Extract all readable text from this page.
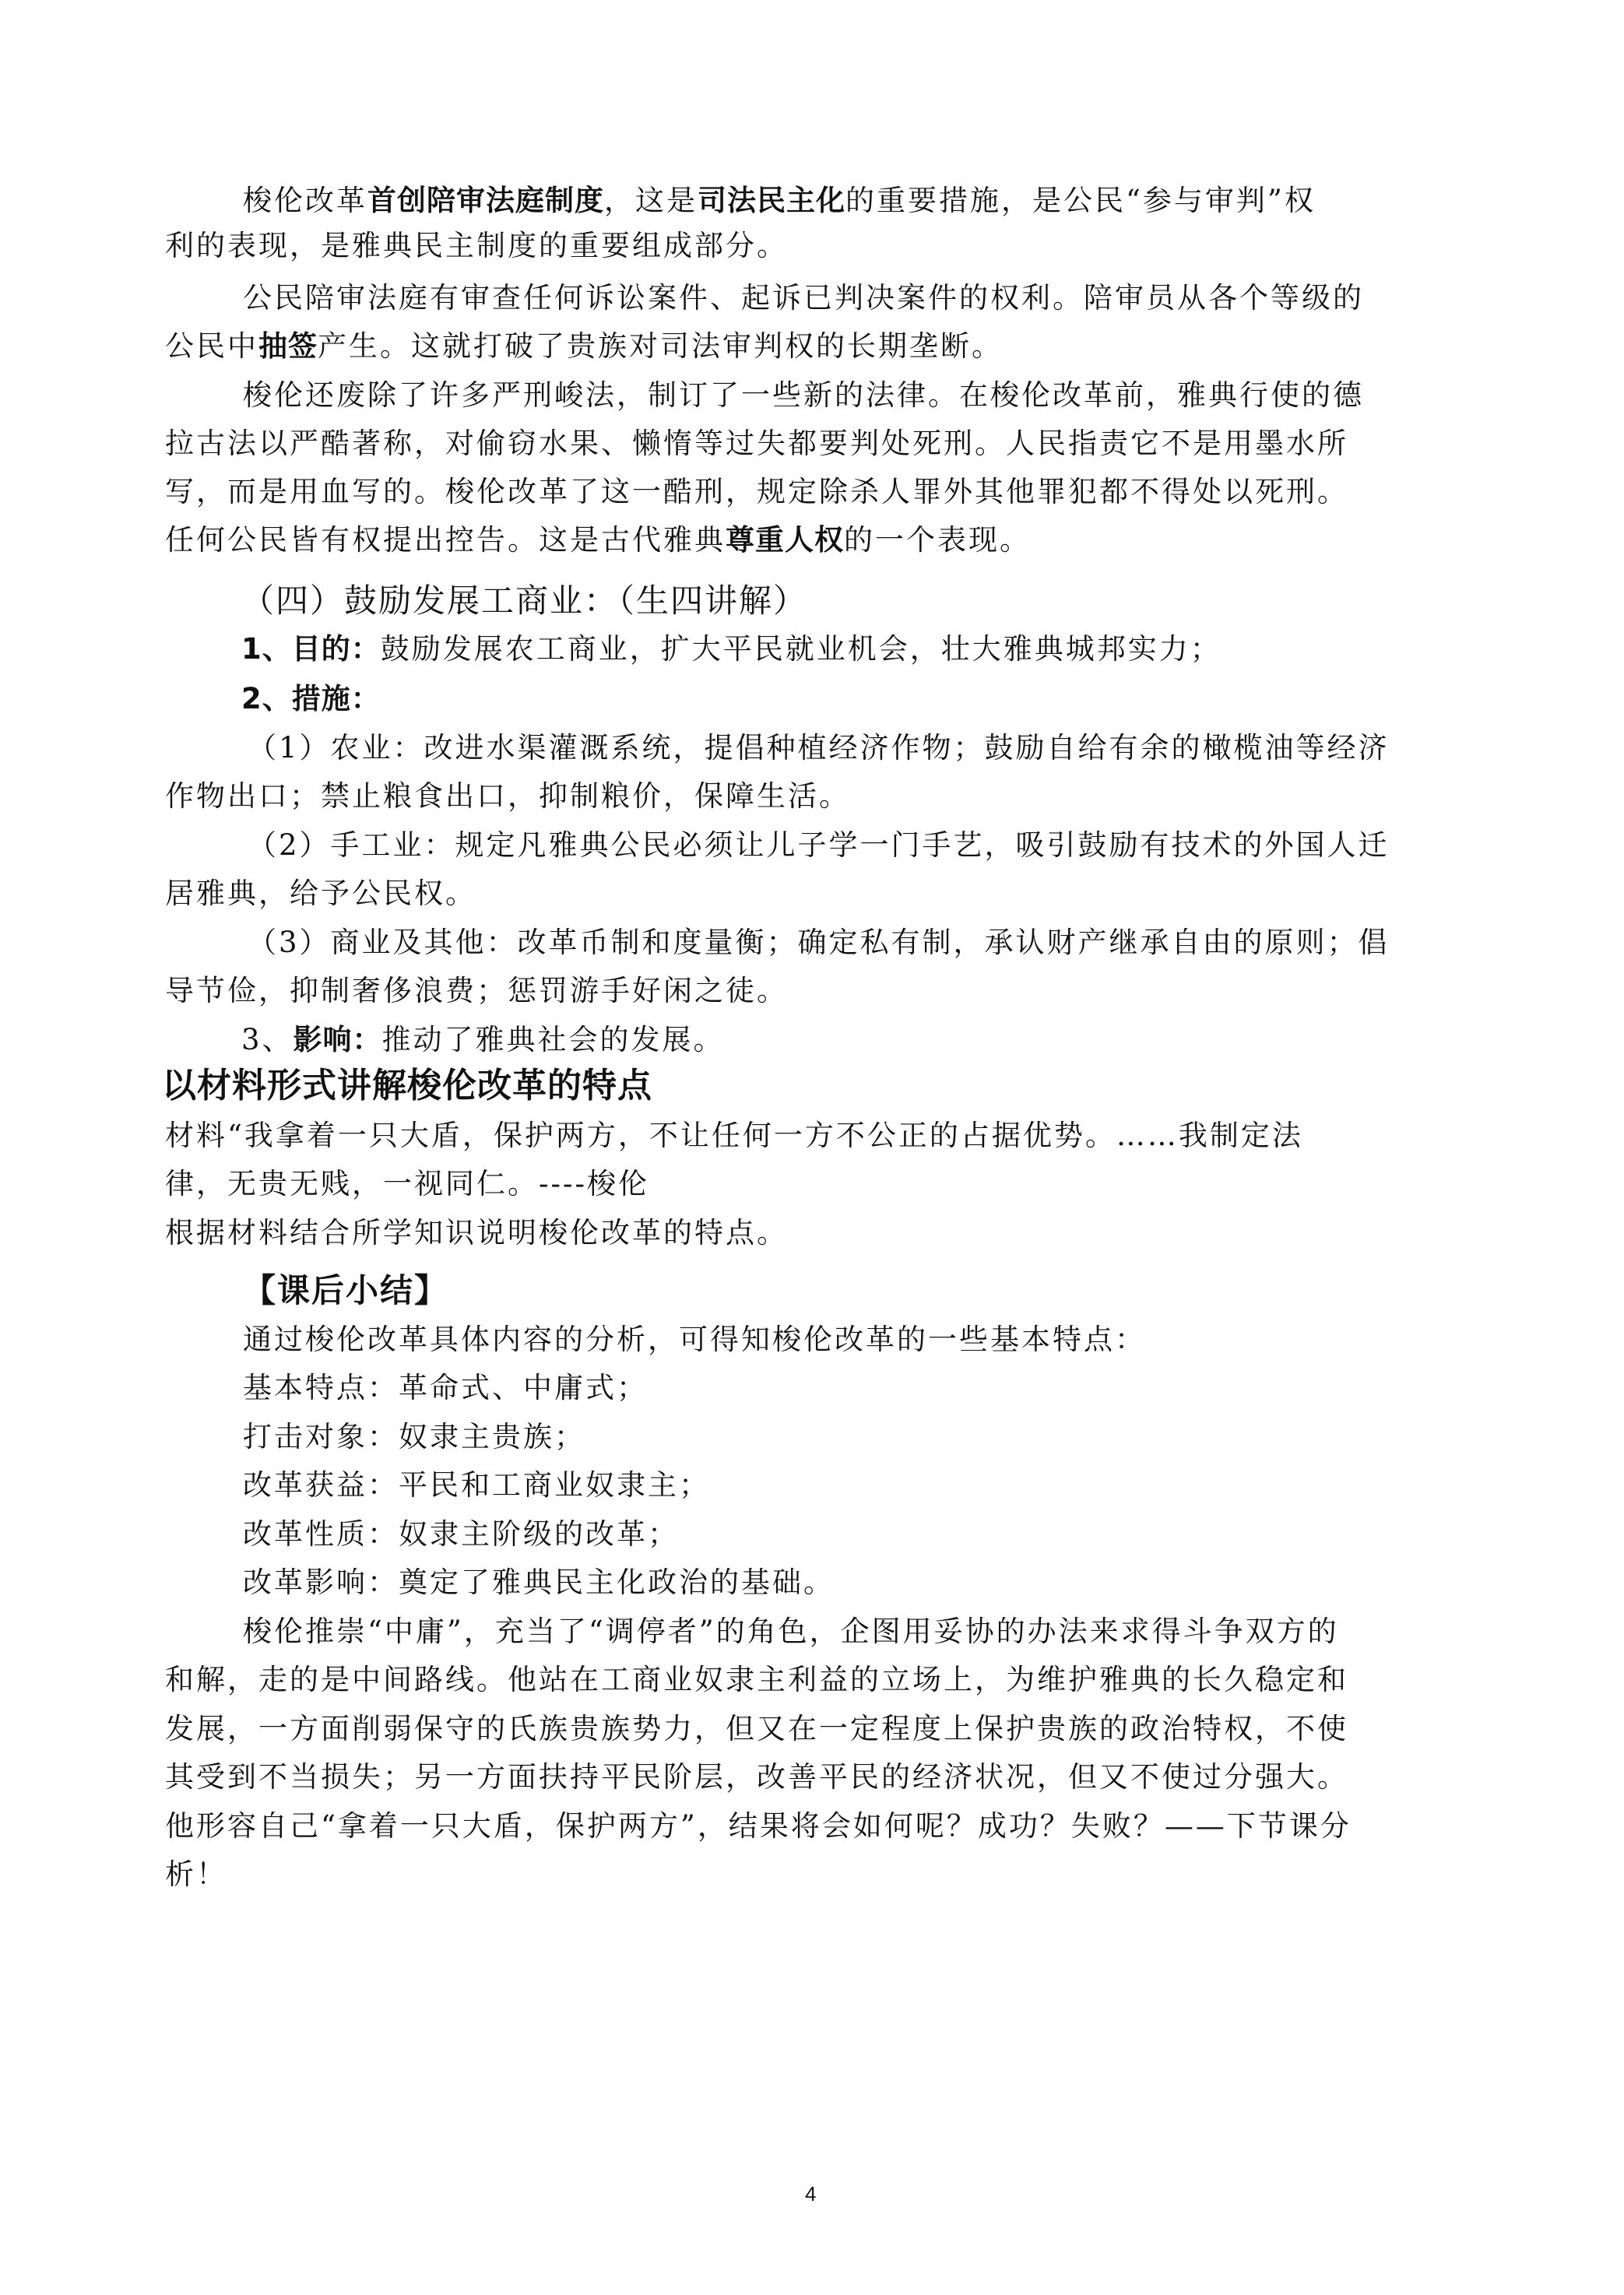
梭伦改革首创陪审法庭制度，这是司法民主化的重要措施，是公民“参与审判”权
利的表现，是雅典民主制度的重要组成部分。
公民陪审法庭有审查任何诉讼案件、起诉已判决案件的权利。陪审员从各个等级的
公民中抽签产生。这就打破了贵族对司法审判权的长期垄断。
梭伦还废除了许多严刑峻法，制订了一些新的法律。在梭伦改革前，雅典行使的德
拉古法以严酷著称，对偷窃水果、懒惰等过失都要判处死刑。人民指责它不是用墨水所
写，而是用血写的。梭伦改革了这一酷刑，规定除杀人罪外其他罪犯都不得处以死刑。
任何公民皆有权提出控告。这是古代雅典尊重人权的一个表现。
（四）鼓励发展工商业：（生四讲解）
1、目的：鼓励发展农工商业，扩大平民就业机会，壮大雅典城邦实力；
2、措施：
（1）农业：改进水渠灌溉系统，提倡种植经济作物；鼓励自给有余的橄榄油等经济
作物出口；禁止粮食出口，抑制粮价，保障生活。
（2）手工业：规定凡雅典公民必须让儿子学一门手艺，吸引鼓励有技术的外国人迁
居雅典，给予公民权。
（3）商业及其他：改革币制和度量衡；确定私有制，承认财产继承自由的原则；倡
导节俭，抑制奢侈浪费；惩罚游手好闲之徒。
3、影响：推动了雅典社会的发展。
以材料形式讲解梭伦改革的特点
材料“我拿着一只大盾，保护两方，不让任何一方不公正的占据优势。……我制定法
律，无贵无贱，一视同仁。----梭伦
根据材料结合所学知识说明梭伦改革的特点。
【课后小结】
通过梭伦改革具体内容的分析，可得知梭伦改革的一些基本特点：
基本特点：革命式、中庸式；
打击对象：奴隶主贵族；
改革获益：平民和工商业奴隶主；
改革性质：奴隶主阶级的改革；
改革影响：奠定了雅典民主化政治的基础。
梭伦推崇“中庸”，充当了“调停者”的角色，企图用妥协的办法来求得斗争双方的
和解，走的是中间路线。他站在工商业奴隶主利益的立场上，为维护雅典的长久稳定和
发展，一方面削弱保守的氏族贵族势力，但又在一定程度上保护贵族的政治特权，不使
其受到不当损失；另一方面扶持平民阶层，改善平民的经济状况，但又不使过分强大。
他形容自己“拿着一只大盾，保护两方”，结果将会如何呢？成功？失败？——下节课分
析！
4
